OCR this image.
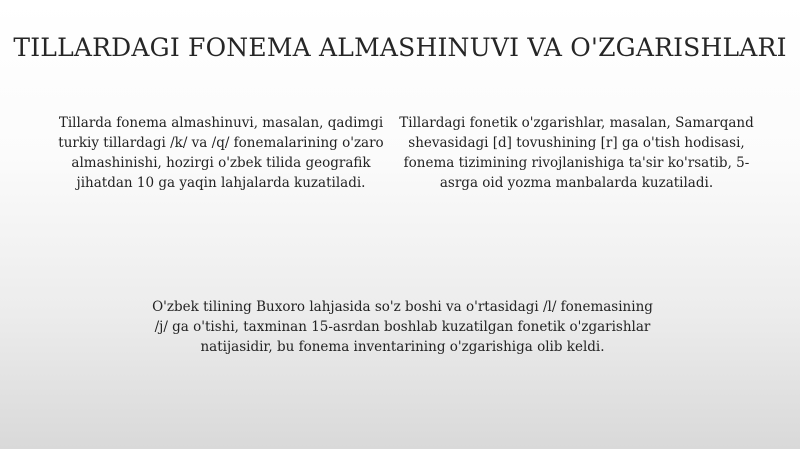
TILLARDAGI FONEMA ALMASHINUVI VA O'ZGARISHLARI

Tillarda fonema almashinuvi, masalan, qadimgi turkiy tillardagi /k/ va /q/ fonemalarining o'zaro almashinishi, hozirgi o'zbek tilida geografik jihatdan 10 ga yaqin lahjalarda kuzatiladi.

Tillardagi fonetik o'zgarishlar, masalan, Samarqand shevasidagi [d] tovushining [r] ga o'tish hodisasi, fonema tizimining rivojlanishiga ta'sir ko'rsatib, 5-asrga oid yozma manbalarda kuzatiladi.

O'zbek tilining Buxoro lahjasida so'z boshi va o'rtasidagi /l/ fonemasining /j/ ga o'tishi, taxminan 15-asrdan boshlab kuzatilgan fonetik o'zgarishlar natijasidir, bu fonema inventarining o'zgarishiga olib keldi.
